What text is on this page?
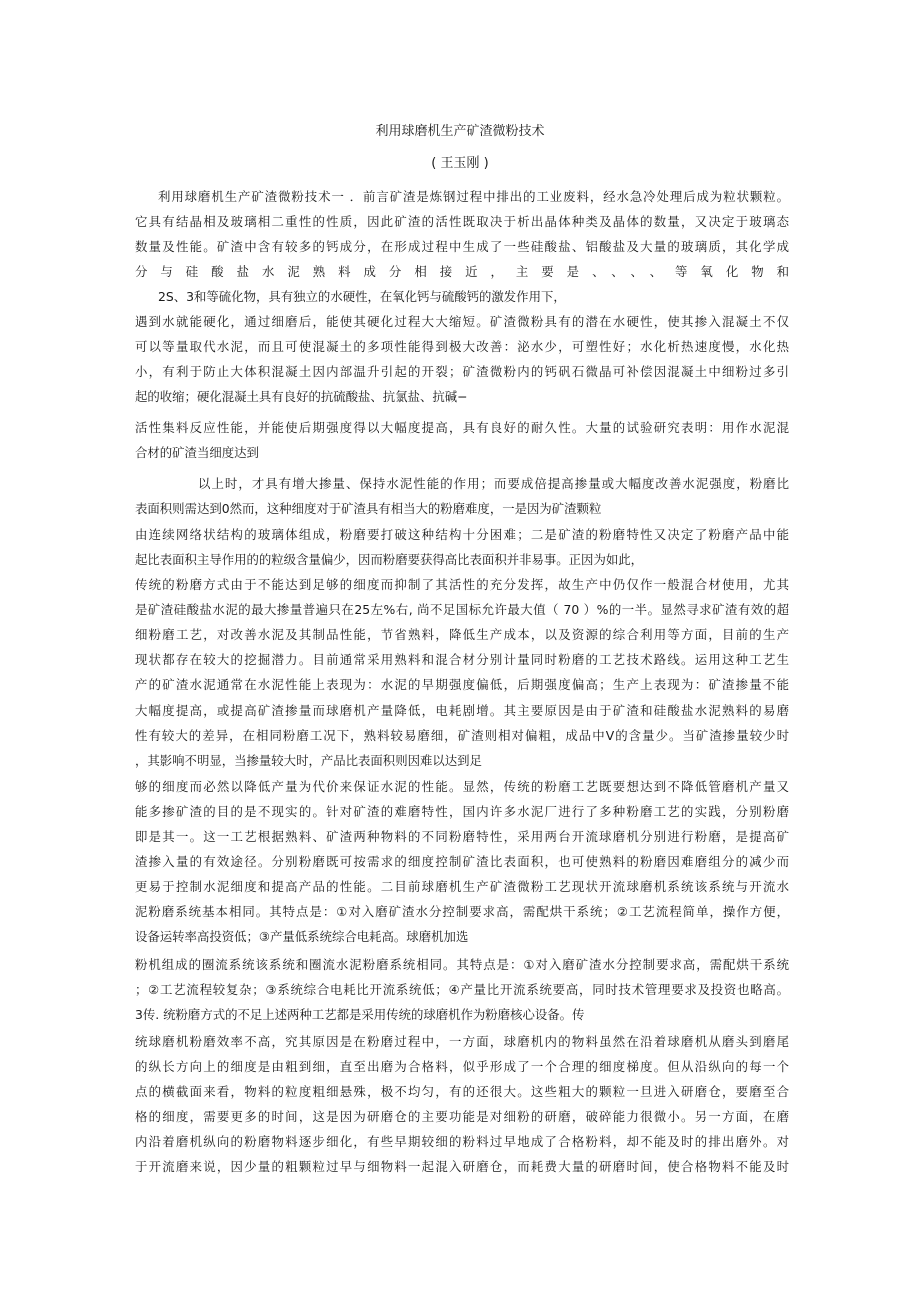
利用球磨机生产矿渣微粉技术
( 王玉刚 )
利用球磨机生产矿渣微粉技术一 ．前言矿渣是炼钢过程中排出的工业废料，经水急冷处理后成为粒状颗粒。
它具有结晶相及玻璃相二重性的性质，因此矿渣的活性既取决于析出晶体种类及晶体的数量，又决定于玻璃态
数量及性能。矿渣中含有较多的钙成分，在形成过程中生成了一些硅酸盐、铝酸盐及大量的玻璃质，其化学成
分与硅酸盐水泥熟料成分相接近，主要是、、、、等氧化物和
2S、3和等硫化物，具有独立的水硬性，在氧化钙与硫酸钙的激发作用下，
遇到水就能硬化，通过细磨后，能使其硬化过程大大缩短。矿渣微粉具有的潜在水硬性，使其掺入混凝土不仅
可以等量取代水泥，而且可使混凝土的多项性能得到极大改善：泌水少，可塑性好；水化析热速度慢，水化热
小，有利于防止大体积混凝土因内部温升引起的开裂；矿渣微粉内的钙矾石微晶可补偿因混凝土中细粉过多引
起的收缩；硬化混凝土具有良好的抗硫酸盐、抗氯盐、抗碱−
活性集料反应性能，并能使后期强度得以大幅度提高，具有良好的耐久性。大量的试验研究表明：用作水泥混
合材的矿渣当细度达到
以上时，才具有增大掺量、保持水泥性能的作用；而要成倍提高掺量或大幅度改善水泥强度，粉磨比
表面积则需达到0然而，这种细度对于矿渣具有相当大的粉磨难度，一是因为矿渣颗粒
由连续网络状结构的玻璃体组成，粉磨要打破这种结构十分困难；二是矿渣的粉磨特性又决定了粉磨产品中能
起比表面积主导作用的的粒级含量偏少，因而粉磨要获得高比表面积并非易事。正因为如此，
传统的粉磨方式由于不能达到足够的细度而抑制了其活性的充分发挥，故生产中仍仅作一般混合材使用，尤其
是矿渣硅酸盐水泥的最大掺量普遍只在25左%右, 尚不足国标允许最大值（ 70 ）%的一半。显然寻求矿渣有效的超
细粉磨工艺，对改善水泥及其制品性能，节省熟料，降低生产成本，以及资源的综合利用等方面，目前的生产
现状都存在较大的挖掘潜力。目前通常采用熟料和混合材分别计量同时粉磨的工艺技术路线。运用这种工艺生
产的矿渣水泥通常在水泥性能上表现为：水泥的早期强度偏低，后期强度偏高；生产上表现为：矿渣掺量不能
大幅度提高，或提高矿渣掺量而球磨机产量降低，电耗剧增。其主要原因是由于矿渣和硅酸盐水泥熟料的易磨
性有较大的差异，在相同粉磨工况下，熟料较易磨细，矿渣则相对偏粗，成品中V的含量少。当矿渣掺量较少时
，其影响不明显，当掺量较大时，产品比表面积则因难以达到足
够的细度而必然以降低产量为代价来保证水泥的性能。显然，传统的粉磨工艺既要想达到不降低管磨机产量又
能多掺矿渣的目的是不现实的。针对矿渣的难磨特性，国内许多水泥厂进行了多种粉磨工艺的实践，分别粉磨
即是其一。这一工艺根据熟料、矿渣两种物料的不同粉磨特性，采用两台开流球磨机分别进行粉磨，是提高矿
渣掺入量的有效途径。分别粉磨既可按需求的细度控制矿渣比表面积，也可使熟料的粉磨因难磨组分的减少而
更易于控制水泥细度和提高产品的性能。二目前球磨机生产矿渣微粉工艺现状开流球磨机系统该系统与开流水
泥粉磨系统基本相同。其特点是：①对入磨矿渣水分控制要求高，需配烘干系统；②工艺流程简单，操作方便，
设备运转率高投资低；③产量低系统综合电耗高。球磨机加选
粉机组成的圈流系统该系统和圈流水泥粉磨系统相同。其特点是：①对入磨矿渣水分控制要求高，需配烘干系统
；②工艺流程较复杂；③系统综合电耗比开流系统低；④产量比开流系统要高，同时技术管理要求及投资也略高。
3传. 统粉磨方式的不足上述两种工艺都是采用传统的球磨机作为粉磨核心设备。传
统球磨机粉磨效率不高，究其原因是在粉磨过程中，一方面，球磨机内的物料虽然在沿着球磨机从磨头到磨尾
的纵长方向上的细度是由粗到细，直至出磨为合格料，似乎形成了一个合理的细度梯度。但从沿纵向的每一个
点的横截面来看，物料的粒度粗细悬殊，极不均匀，有的还很大。这些粗大的颗粒一旦进入研磨仓，要磨至合
格的细度，需要更多的时间，这是因为研磨仓的主要功能是对细粉的研磨，破碎能力很微小。另一方面，在磨
内沿着磨机纵向的粉磨物料逐步细化，有些早期较细的粉料过早地成了合格粉料，却不能及时的排出磨外。对
于开流磨来说，因少量的粗颗粒过早与细物料一起混入研磨仓，而耗费大量的研磨时间，使合格物料不能及时
